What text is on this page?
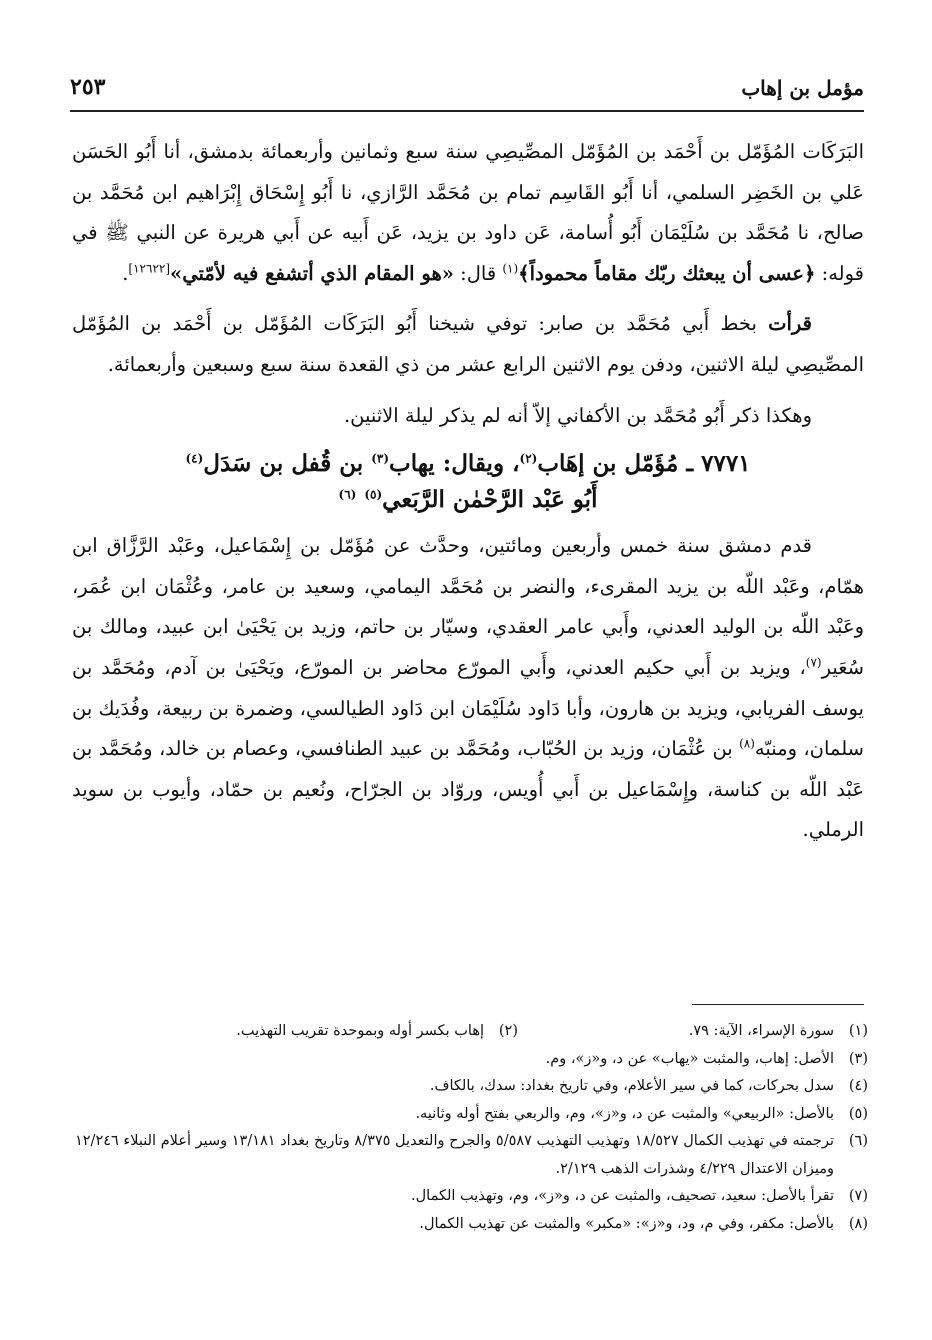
مؤمل بن إهاب
٢٥٣

البَرَكَات المُؤَمّل بن أَحْمَد بن المُؤَمّل المصِّيصِي سنة سبع وثمانين وأربعمائة بدمشق، أنا أَبُو الحَسَن عَلي بن الخَضِر السلمي، أنا أَبُو القَاسِم تمام بن مُحَمَّد الرَّازي، نا أَبُو إِسْحَاق إِبْرَاهيم ابن مُحَمَّد بن صالح، نا مُحَمَّد بن سُلَيْمَان أَبُو أُسامة، عَن داود بن يزيد، عَن أَبيه عن أَبي هريرة عن النبي ﷺ في قوله: ﴿عسى أن يبعثك ربّك مقاماً محموداً﴾$^{(١)}$ قال: «هو المقام الذي أتشفع فيه لأمّتي»[١٢٦٢٢].

قرأت بخط أَبي مُحَمَّد بن صابر: توفي شيخنا أَبُو البَرَكَات المُؤَمّل بن أَحْمَد بن المُؤَمّل المصِّيصِي ليلة الاثنين، ودفن يوم الاثنين الرابع عشر من ذي القعدة سنة سبع وسبعين وأربعمائة.

وهكذا ذكر أَبُو مُحَمَّد بن الأكفاني إلاّ أنه لم يذكر ليلة الاثنين.

٧٧٧١ ـ مُؤَمّل بن إهَاب$^{(٢)}$، ويقال: يهاب$^{(٣)}$ بن قُفل بن سَدَل$^{(٤)}$
أَبُو عَبْد الرَّحْمٰن الرَّبَعي$^{(٥)}$ $^{(٦)}$

قدم دمشق سنة خمس وأربعين ومائتين، وحدَّث عن مُؤَمّل بن إِسْمَاعيل، وعَبْد الرَّزَّاق ابن همّام، وعَبْد اللّه بن يزيد المقرىء، والنضر بن مُحَمَّد اليمامي، وسعيد بن عامر، وعُثْمَان ابن عُمَر، وعَبْد اللّه بن الوليد العدني، وأَبي عامر العقدي، وسيّار بن حاتم، وزيد بن يَحْيَىٰ ابن عبيد، ومالك بن سُعَير$^{(٧)}$، ويزيد بن أَبي حكيم العدني، وأَبي المورّع محاضر بن المورّع، ويَحْيَىٰ بن آدم، ومُحَمَّد بن يوسف الفريابي، ويزيد بن هارون، وأبا دَاود سُلَيْمَان ابن دَاود الطيالسي، وضمرة بن ربيعة، وفُدَيك بن سلمان، ومنبّه$^{(٨)}$ بن عُثْمَان، وزيد بن الحُبّاب، ومُحَمَّد بن عبيد الطنافسي، وعصام بن خالد، ومُحَمَّد بن عَبْد اللّه بن كناسة، وإِسْمَاعيل بن أَبي أُويس، وروّاد بن الجرّاح، ونُعيم بن حمّاد، وأيوب بن سويد الرملي.

(١)
سورة الإسراء، الآية: ٧٩.
(٢)
إهاب بكسر أوله وبموحدة تقريب التهذيب.
(٣)
الأصل: إهاب، والمثبت «يهاب» عن د، و«ز»، وم.
(٤)
سدل بحركات، كما في سير الأعلام، وفي تاريخ بغداد: سدك، بالكاف.
(٥)
بالأصل: «الربيعي» والمثبت عن د، و«ز»، وم، والربعي بفتح أوله وثانيه.
(٦)
ترجمته في تهذيب الكمال ١٨/٥٢٧ وتهذيب التهذيب ٥/٥٨٧ والجرح والتعديل ٨/٣٧٥ وتاريخ بغداد ١٣/١٨١ وسير أعلام النبلاء ١٢/٢٤٦ وميزان الاعتدال ٤/٢٢٩ وشذرات الذهب ٢/١٢٩.
(٧)
تقرأ بالأصل: سعيد، تصحيف، والمثبت عن د، و«ز»، وم، وتهذيب الكمال.
(٨)
بالأصل: مكفر، وفي م، ود، و«ز»: «مكبر» والمثبت عن تهذيب الكمال.
